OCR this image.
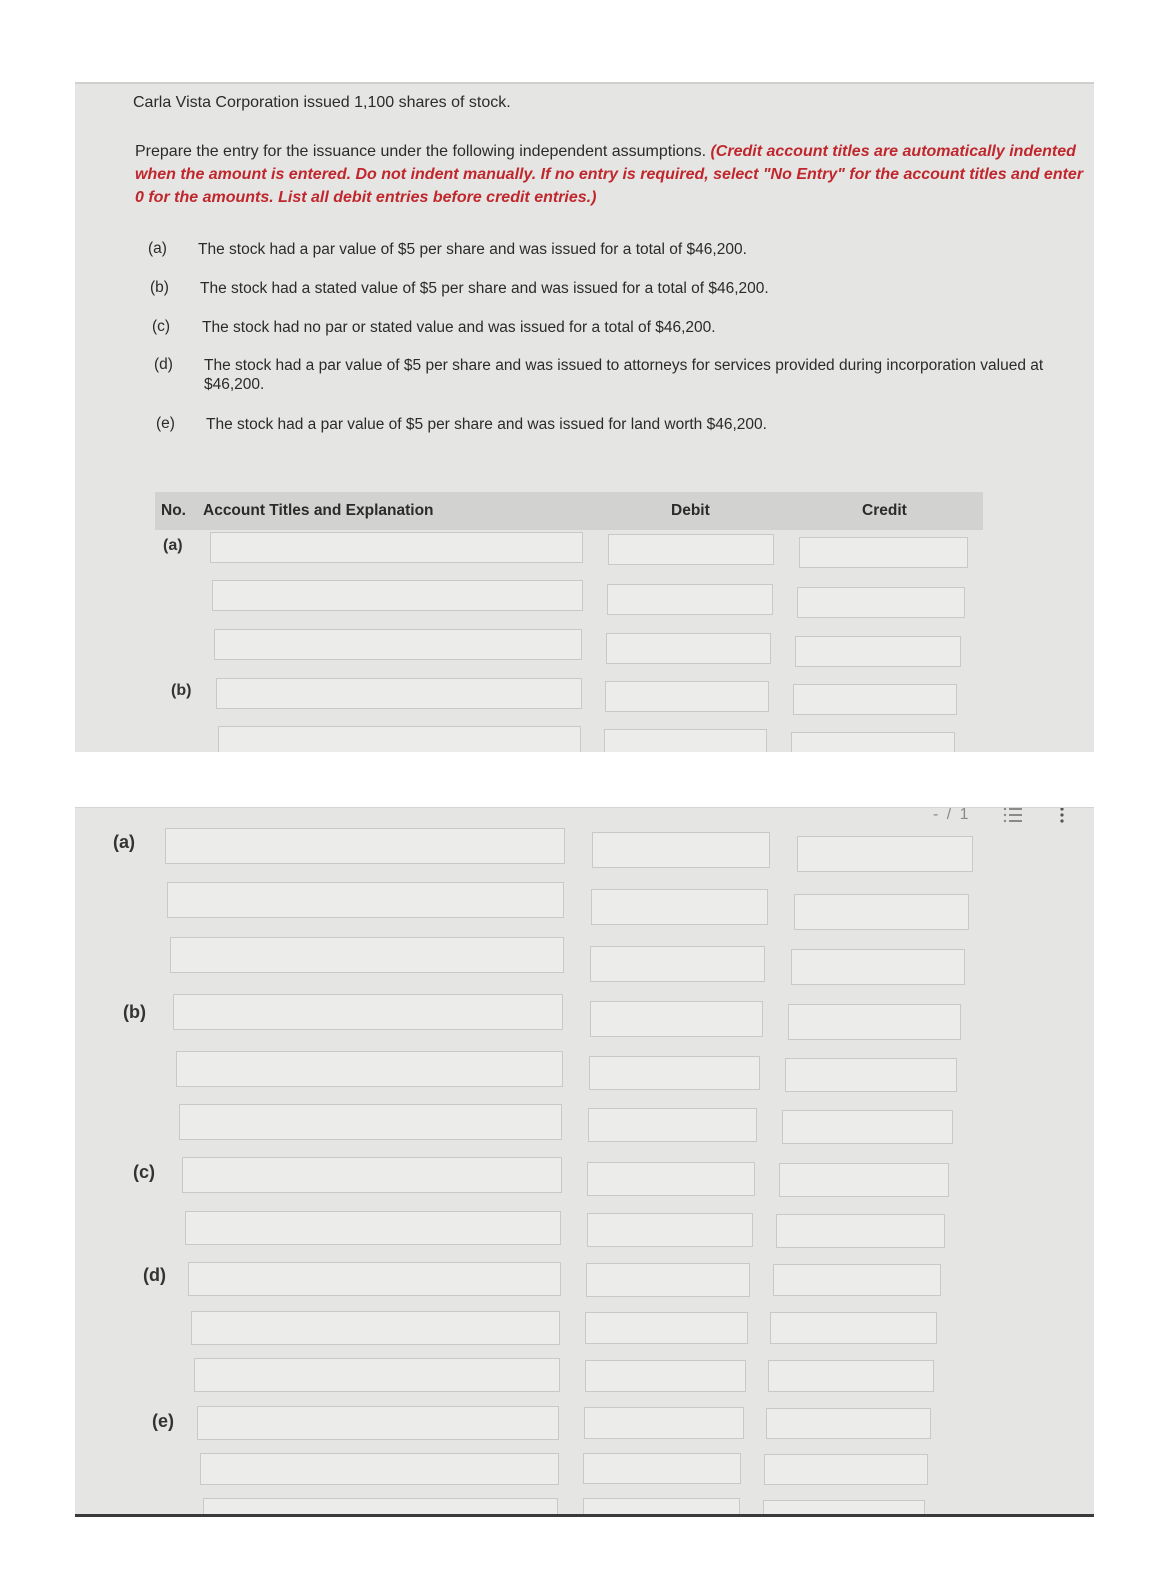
Carla Vista Corporation issued 1,100 shares of stock.
Prepare the entry for the issuance under the following independent assumptions. (Credit account titles are automatically indented when the amount is entered. Do not indent manually. If no entry is required, select "No Entry" for the account titles and enter 0 for the amounts. List all debit entries before credit entries.)
(a) The stock had a par value of $5 per share and was issued for a total of $46,200.
(b) The stock had a stated value of $5 per share and was issued for a total of $46,200.
(c) The stock had no par or stated value and was issued for a total of $46,200.
(d) The stock had a par value of $5 per share and was issued to attorneys for services provided during incorporation valued at $46,200.
(e) The stock had a par value of $5 per share and was issued for land worth $46,200.
No. Account Titles and Explanation	Debit	Credit
(a)
(b)
- / 1
(a)
(b)
(c)
(d)
(e)
